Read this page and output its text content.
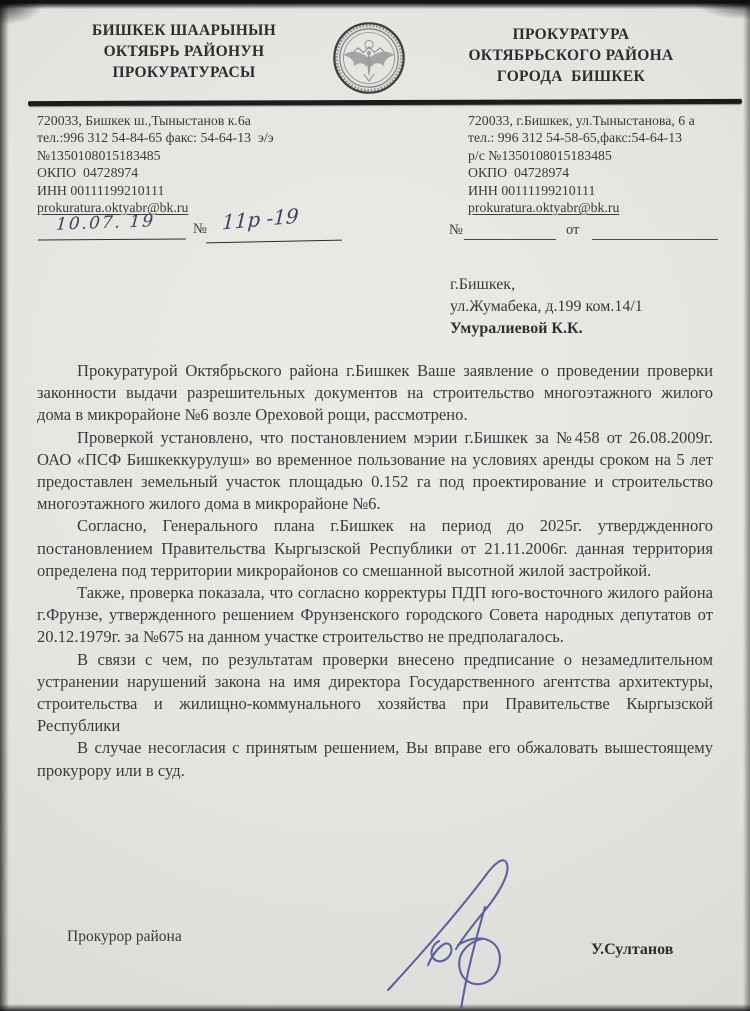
БИШКЕК ШААРЫНЫН
ОКТЯБРЬ РАЙОНУН
ПРОКУРАТУРАСЫ
ПРОКУРАТУРА
ОКТЯБРЬСКОГО РАЙОНА
ГОРОДА  БИШКЕК
720033, Бишкек ш.,Тыныстанов к.6а
тел.:996 312 54-84-65 факс: 54-64-13  э/э
№1350108015183485
ОКПО  04728974
ИНН 00111199210111
prokuratura.oktyabr@bk.ru
720033, г.Бишкек, ул.Тыныстанова, 6 а
тел.: 996 312 54-58-65,факс:54-64-13
р/с №1350108015183485
ОКПО  04728974
ИНН 00111199210111
prokuratura.oktyabr@bk.ru
10.07. 19	№ 11р -19	№	от
г.Бишкек,
ул.Жумабека, д.199 ком.14/1
Умуралиевой К.К.

Прокуратурой Октябрьского района г.Бишкек Ваше заявление о проведении проверки законности выдачи разрешительных документов на строительство многоэтажного жилого дома в микрорайоне №6 возле Ореховой рощи, рассмотрено.

Проверкой установлено, что постановлением мэрии г.Бишкек за №458 от 26.08.2009г. ОАО «ПСФ Бишкеккурулуш» во временное пользование на условиях аренды сроком на 5 лет предоставлен земельный участок площадью 0.152 га под проектирование и строительство многоэтажного жилого дома в микрорайоне №6.

Согласно, Генерального плана г.Бишкек на период до 2025г. утверджденного постановлением Правительства Кыргызской Республики от 21.11.2006г. данная территория определена под территории микрорайонов со смешанной высотной жилой застройкой.

Также, проверка показала, что согласно корректуры ПДП юго-восточного жилого района г.Фрунзе, утвержденного решением Фрунзенского городского Совета народных депутатов от 20.12.1979г. за №675 на данном участке строительство не предполагалось.

В связи с чем, по результатам проверки внесено предписание о незамедлительном устранении нарушений закона на имя директора Государственного агентства архитектуры, строительства и жилищно-коммунального хозяйства при Правительстве Кыргызской Республики

В случае несогласия с принятым решением, Вы вправе его обжаловать вышестоящему прокурору или в суд.

Прокурор района
У.Султанов
